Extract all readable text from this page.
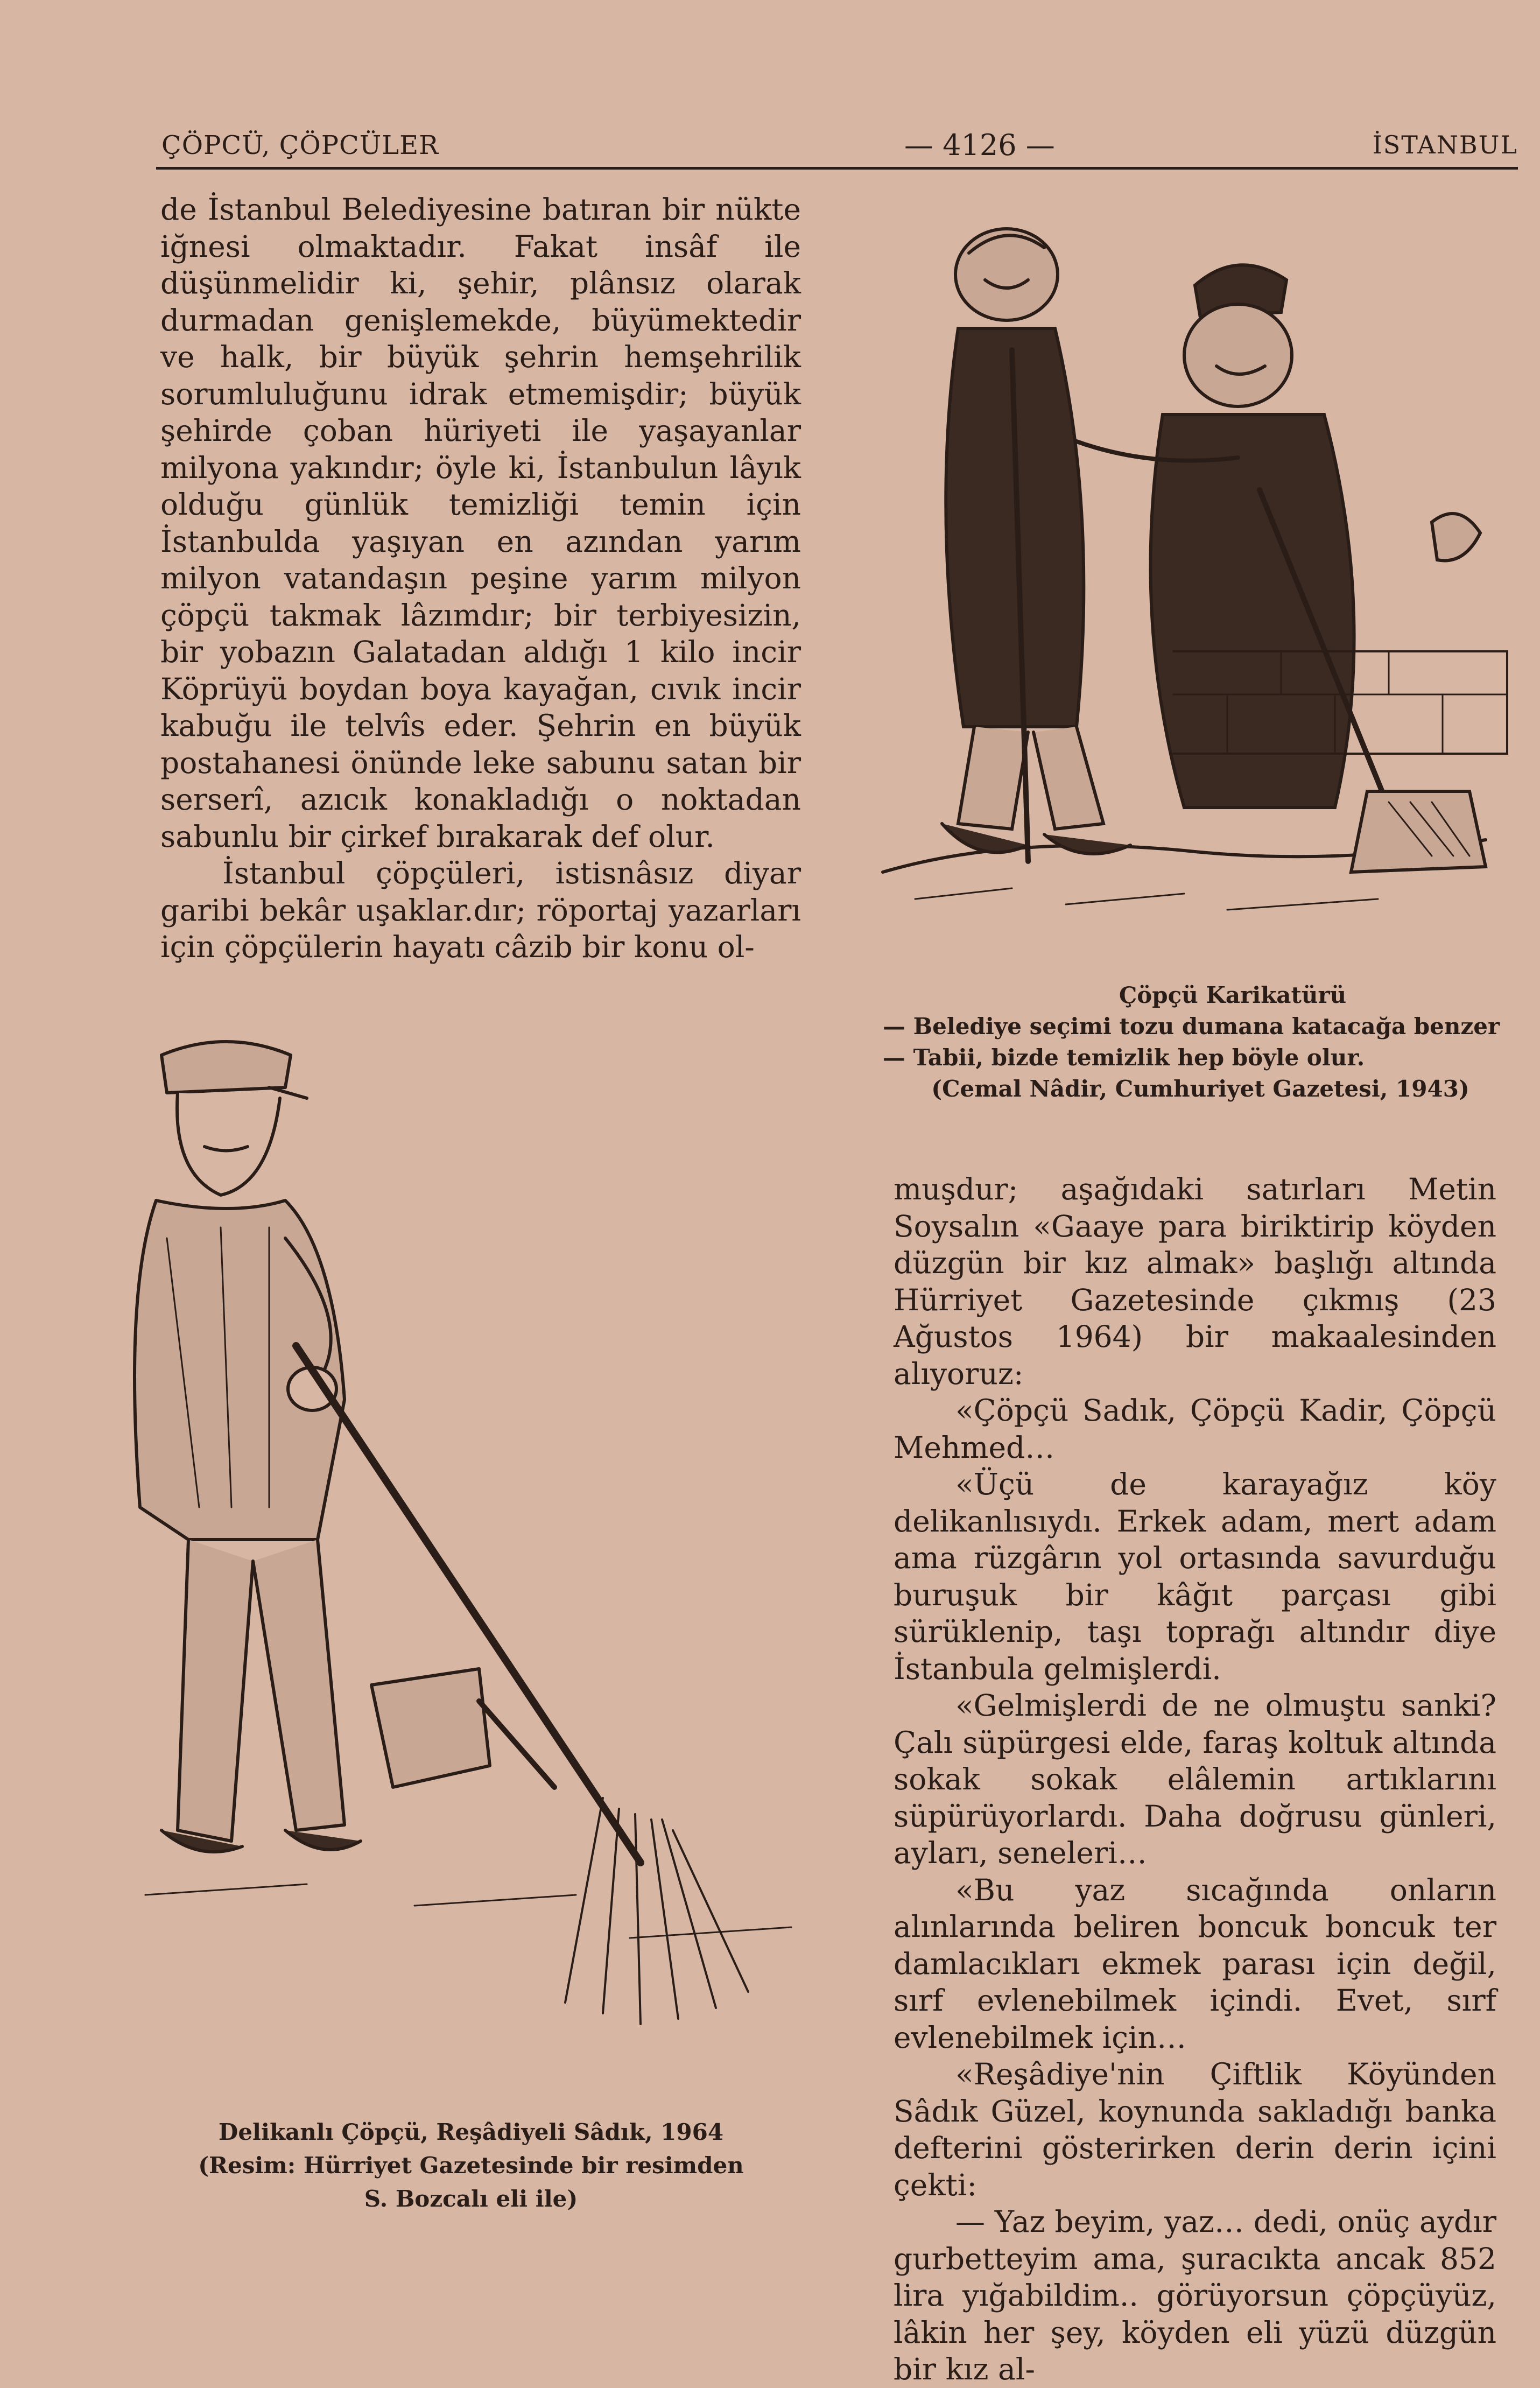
ÇÖPCÜ, ÇÖPCÜLER	— 4126 —	İSTANBUL

de İstanbul Belediyesine batıran bir nükte iğnesi olmaktadır. Fakat insâf ile düşünmelidir ki, şehir, plânsız olarak durmadan genişlemekde, büyümektedir ve halk, bir büyük şehrin hemşehrilik sorumluluğunu idrak etmemişdir; büyük şehirde çoban hüriyeti ile yaşayanlar milyona yakındır; öyle ki, İstanbulun lâyık olduğu günlük temizliği temin için İstanbulda yaşıyan en azından yarım milyon vatandaşın peşine yarım milyon çöpçü takmak lâzımdır; bir terbiyesizin, bir yobazın Galatadan aldığı 1 kilo incir Köprüyü boydan boya kayağan, cıvık incir kabuğu ile telvîs eder. Şehrin en büyük postahanesi önünde leke sabunu satan bir serserî, azıcık konakladığı o noktadan sabunlu bir çirkef bırakarak def olur.

İstanbul çöpçüleri, istisnâsız diyar garibi bekâr uşaklar.dır; röportaj yazarları için çöpçülerin hayatı câzib bir konu ol-

Çöpçü Karikatürü
— Belediye seçimi tozu dumana katacağa benzer
— Tabii, bizde temizlik hep böyle olur.
(Cemal Nâdir, Cumhuriyet Gazetesi, 1943)
Delikanlı Çöpçü, Reşâdiyeli Sâdık, 1964
(Resim: Hürriyet Gazetesinde bir resimden
S. Bozcalı eli ile)

muşdur; aşağıdaki satırları Metin Soysalın «Gaaye para biriktirip köyden düzgün bir kız almak» başlığı altında Hürriyet Gazetesinde çıkmış (23 Ağustos 1964) bir makaalesinden alıyoruz:

«Çöpçü Sadık, Çöpçü Kadir, Çöpçü Mehmed…

«Üçü de karayağız köy delikanlısıydı. Erkek adam, mert adam ama rüzgârın yol ortasında savurduğu buruşuk bir kâğıt parçası gibi sürüklenip, taşı toprağı altındır diye İstanbula gelmişlerdi.

«Gelmişlerdi de ne olmuştu sanki? Çalı süpürgesi elde, faraş koltuk altında sokak sokak elâlemin artıklarını süpürüyorlardı. Daha doğrusu günleri, ayları, seneleri…

«Bu yaz sıcağında onların alınlarında beliren boncuk boncuk ter damlacıkları ekmek parası için değil, sırf evlenebilmek içindi. Evet, sırf evlenebilmek için…

«Reşâdiye'nin Çiftlik Köyünden Sâdık Güzel, koynunda sakladığı banka defterini gösterirken derin derin içini çekti:

— Yaz beyim, yaz… dedi, onüç aydır gurbetteyim ama, şuracıkta ancak 852 lira yığabildim.. görüyorsun çöpçüyüz, lâkin her şey, köyden eli yüzü düzgün bir kız al-
